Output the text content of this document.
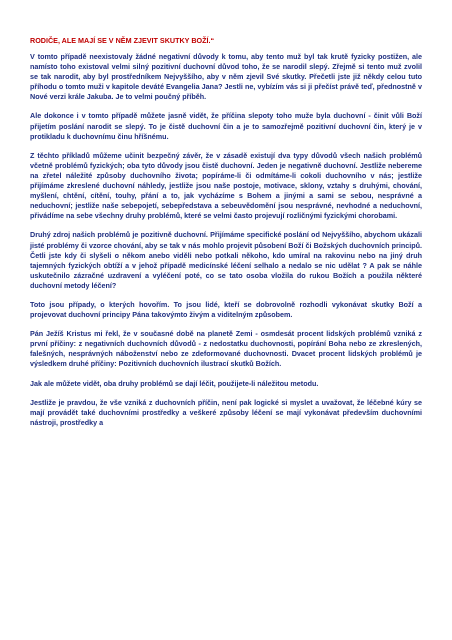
RODIČE, ALE MAJÍ SE V NĚM ZJEVIT SKUTKY BOŽÍ.“
V tomto případě neexistovaly žádné negativní důvody k tomu, aby tento muž byl tak krutě fyzicky postižen, ale namísto toho existoval velmi silný pozitivní duchovní důvod toho, že se narodil slepý. Zřejmě si tento muž zvolil se tak narodit, aby byl prostředníkem Nejvyššího, aby v něm zjevil Své skutky. Přečetli jste již někdy celou tuto příhodu o tomto muži v kapitole deváté Evangelia Jana? Jestli ne, vybízím vás si ji přečíst právě teď, přednostně v Nové verzi krále Jakuba. Je to velmi poučný příběh.
Ale dokonce i v tomto případě můžete jasně vidět, že příčina slepoty toho muže byla duchovní - činit vůli Boží přijetím poslání narodit se slepý. To je čistě duchovní čin a je to samozřejmě pozitivní duchovní čin, který je v protikladu k duchovnímu činu hříšnému.
Z těchto příkladů můžeme učinit bezpečný závěr, že v zásadě existují dva typy důvodů všech našich problémů včetně problémů fyzických; oba tyto důvody jsou čistě duchovní. Jeden je negativně duchovní. Jestliže nebereme na zřetel náležité způsoby duchovního života; popíráme-li či odmítáme-li cokoli duchovního v nás; jestliže přijímáme zkreslené duchovní náhledy, jestliže jsou naše postoje, motivace, sklony, vztahy s druhými, chování, myšlení, chtění, cítění, touhy, přání a to, jak vycházíme s Bohem a jinými a sami se sebou, nesprávné a neduchovní; jestliže naše sebepojetí, sebepředstava a sebeuvědomění jsou nesprávné, nevhodné a neduchovní, přivádíme na sebe všechny druhy problémů, které se velmi často projevují rozličnými fyzickými chorobami.
Druhý zdroj našich problémů je pozitivně duchovní. Přijímáme specifické poslání od Nejvyššího, abychom ukázali jisté problémy či vzorce chování, aby se tak v nás mohlo projevit působení Boží či Božských duchovních principů. Četli jste kdy či slyšeli o někom anebo viděli nebo potkali někoho, kdo umíral na rakovinu nebo na jiný druh tajemných fyzických obtíží a v jehož případě medicínské léčení selhalo a nedalo se nic udělat ? A pak se náhle uskutečnilo zázračné uzdravení a vyléčení poté, co se tato osoba vložila do rukou Božích a použila některé duchovní metody léčení?
Toto jsou případy, o kterých hovořím. To jsou lidé, kteří se dobrovolně rozhodli vykonávat skutky Boží a projevovat duchovní principy Pána takovýmto živým a viditelným způsobem.
Pán Ježíš Kristus mi řekl, že v současné době na planetě Zemi - osmdesát procent lidských problémů vzniká z první příčiny: z negativních duchovních důvodů - z nedostatku duchovnosti, popírání Boha nebo ze zkreslených, falešných, nesprávných náboženství nebo ze zdeformované duchovnosti. Dvacet procent lidských problémů je výsledkem druhé příčiny: Pozitivních duchovních ilustrací skutků Božích.
Jak ale můžete vidět, oba druhy problémů se dají léčit, použijete-li náležitou metodu.
Jestliže je pravdou, že vše vzniká z duchovních příčin, není pak logické si myslet a uvažovat, že léčebné kúry se mají provádět také duchovními prostředky a veškeré způsoby léčení se mají vykonávat především duchovními nástroji, prostředky a
